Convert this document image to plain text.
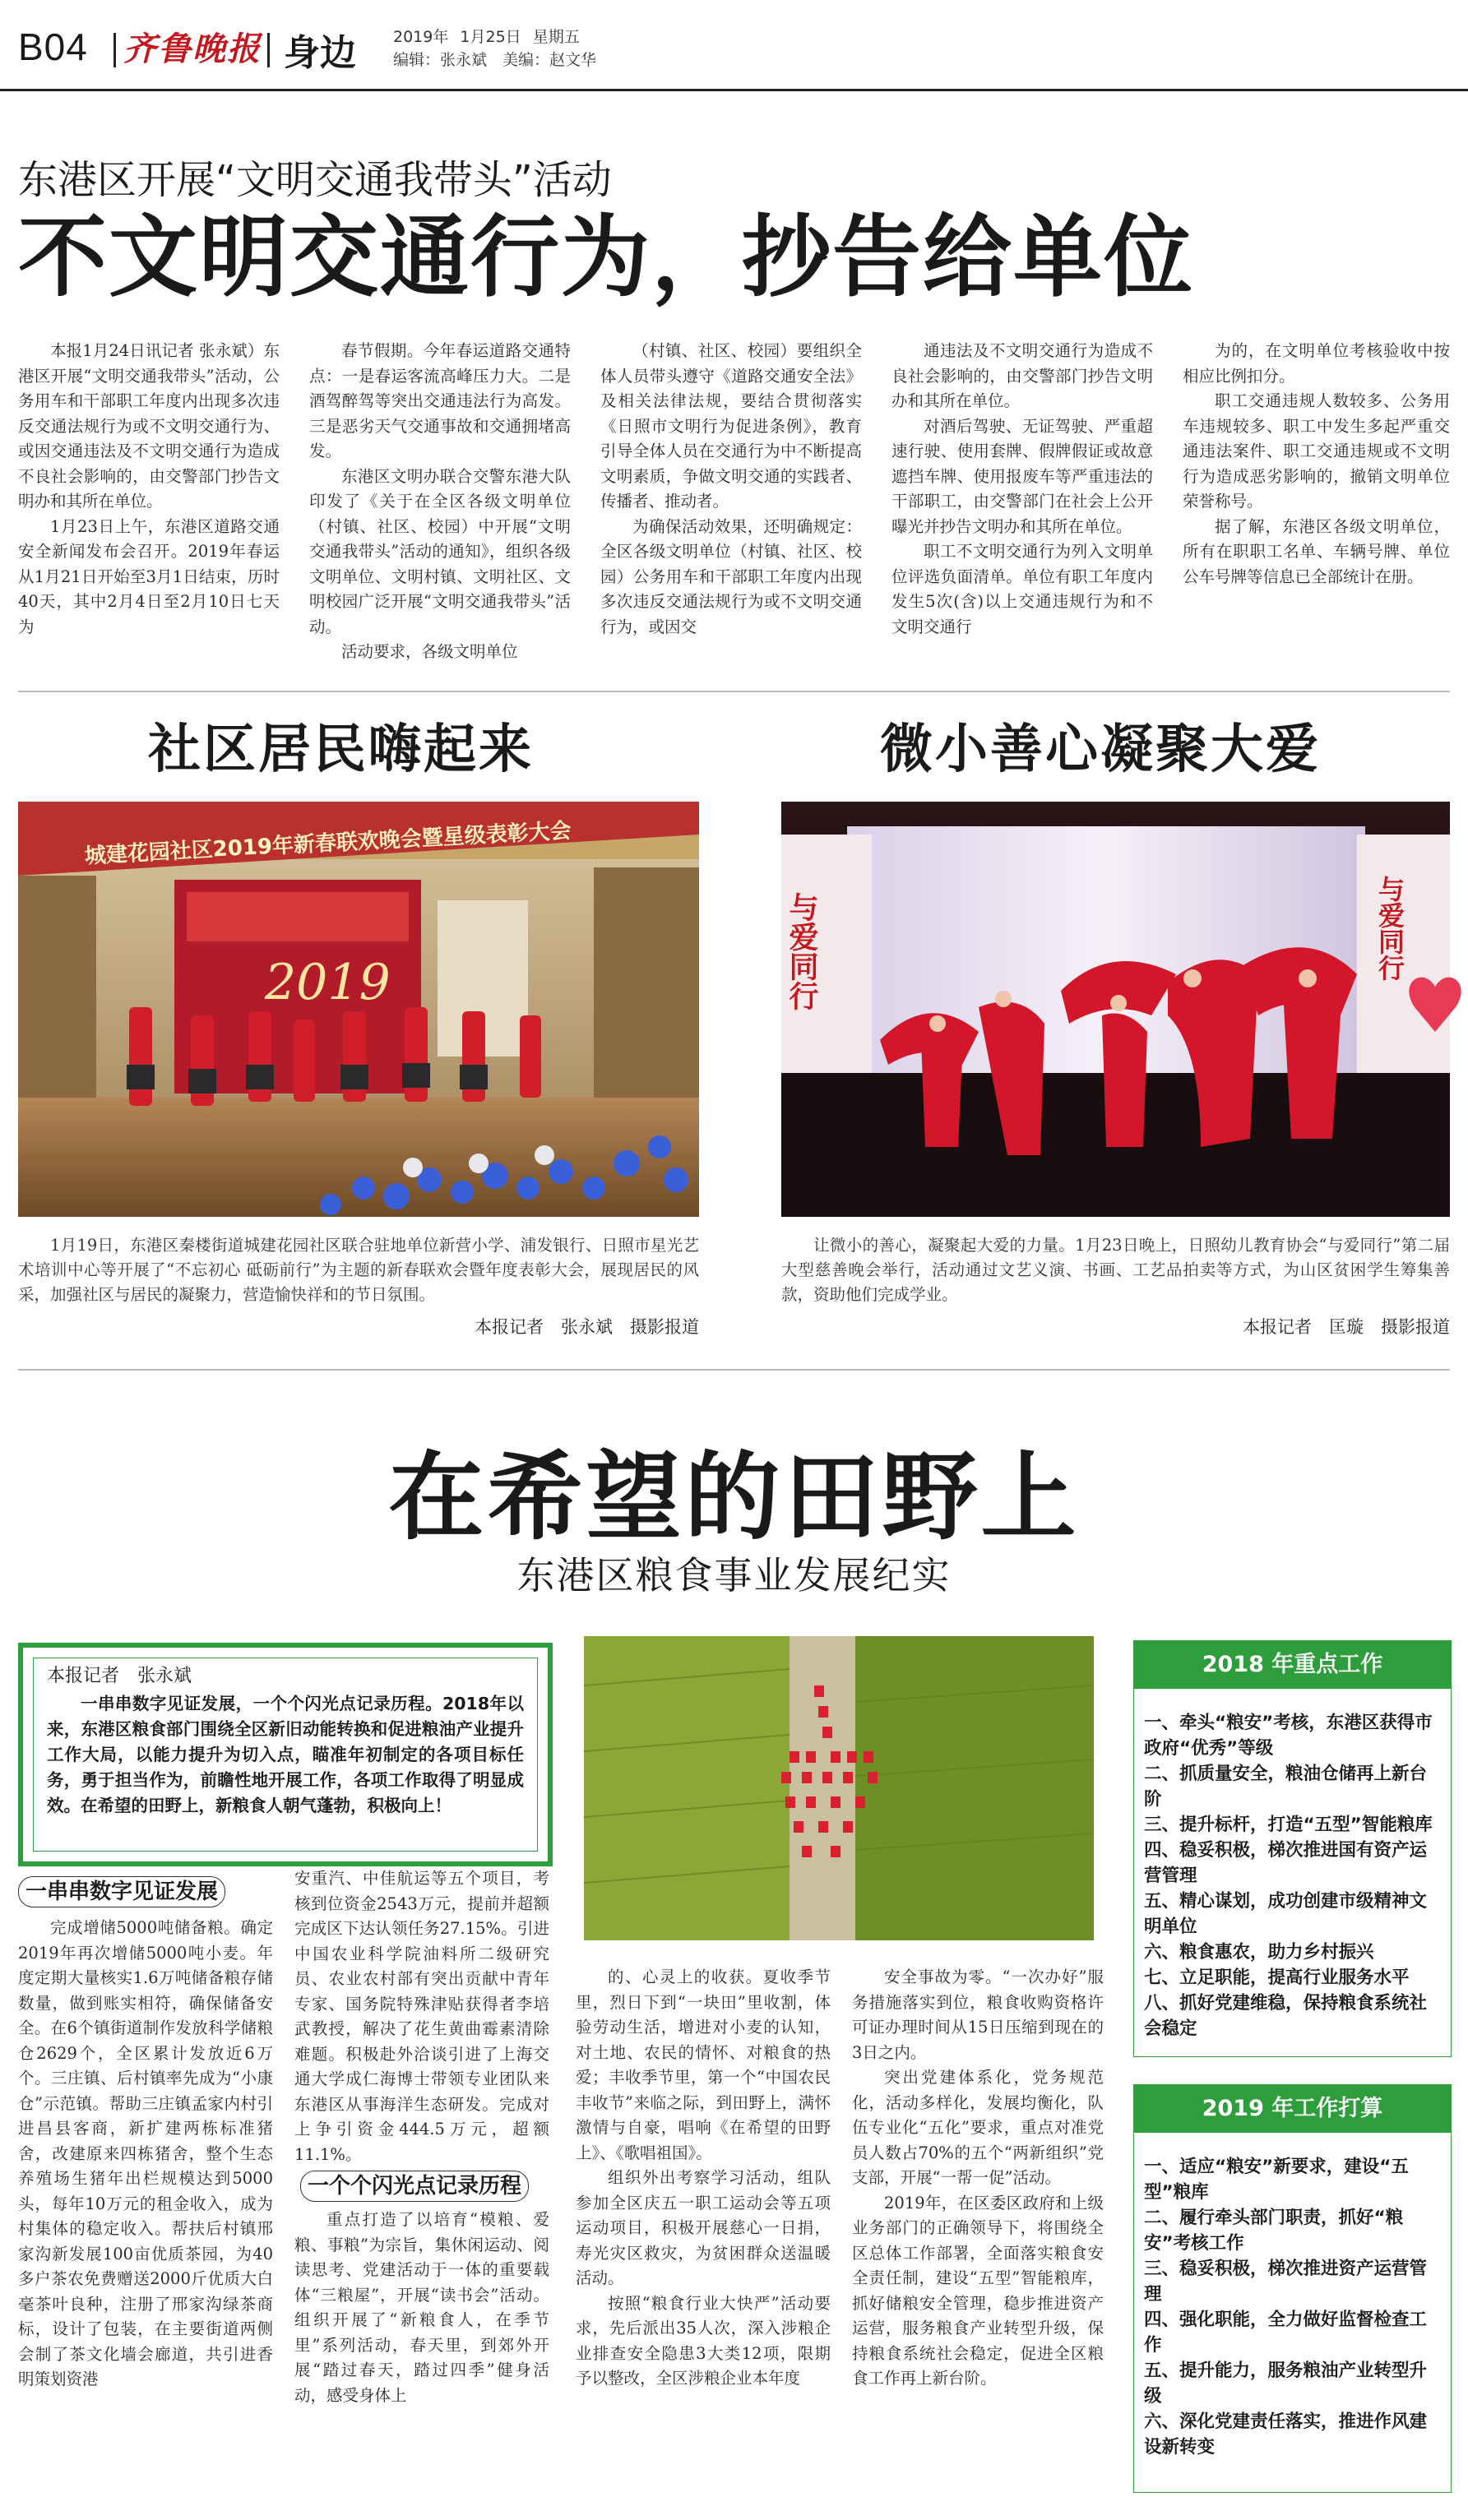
B04 齐鲁晚报 身边 2019年 1月25日 星期五
编辑：张永斌　 美编：赵文华
东港区开展“文明交通我带头”活动
不文明交通行为，抄告给单位

本报1月24日讯记者 张永斌）东港区开展“文明交通我带头”活动，公务用车和干部职工年度内出现多次违反交通法规行为或不文明交通行为、或因交通违法及不文明交通行为造成不良社会影响的，由交警部门抄告文明办和其所在单位。

1月23日上午，东港区道路交通安全新闻发布会召开。2019年春运从1月21日开始至3月1日结束，历时40天，其中2月4日至2月10日七天为

春节假期。今年春运道路交通特点：一是春运客流高峰压力大。二是酒驾醉驾等突出交通违法行为高发。三是恶劣天气交通事故和交通拥堵高发。

东港区文明办联合交警东港大队印发了《关于在全区各级文明单位（村镇、社区、校园）中开展“文明交通我带头”活动的通知》，组织各级文明单位、文明村镇、文明社区、文明校园广泛开展“文明交通我带头”活动。

活动要求，各级文明单位

（村镇、社区、校园）要组织全体人员带头遵守《道路交通安全法》及相关法律法规，要结合贯彻落实《日照市文明行为促进条例》，教育引导全体人员在交通行为中不断提高文明素质，争做文明交通的实践者、传播者、推动者。

为确保活动效果，还明确规定：全区各级文明单位（村镇、社区、校园）公务用车和干部职工年度内出现多次违反交通法规行为或不文明交通行为，或因交

通违法及不文明交通行为造成不良社会影响的，由交警部门抄告文明办和其所在单位。

对酒后驾驶、无证驾驶、严重超速行驶、使用套牌、假牌假证或故意遮挡车牌、使用报废车等严重违法的干部职工，由交警部门在社会上公开曝光并抄告文明办和其所在单位。

职工不文明交通行为列入文明单位评选负面清单。单位有职工年度内发生5次(含)以上交通违规行为和不文明交通行

为的，在文明单位考核验收中按相应比例扣分。

职工交通违规人数较多、公务用车违规较多、职工中发生多起严重交通违法案件、职工交通违规或不文明行为造成恶劣影响的，撤销文明单位荣誉称号。

据了解，东港区各级文明单位，所有在职职工名单、车辆号牌、单位公车号牌等信息已全部统计在册。

社区居民嗨起来
城建花园社区2019年新春联欢晚会暨星级表彰大会
2019
1月19日，东港区秦楼街道城建花园社区联合驻地单位新营小学、浦发银行、日照市星光艺术培训中心等开展了“不忘初心 砥砺前行”为主题的新春联欢会暨年度表彰大会，展现居民的风采，加强社区与居民的凝聚力，营造愉快祥和的节日氛围。
本报记者　张永斌　摄影报道
微小善心凝聚大爱
与爱同行	与爱同行
让微小的善心，凝聚起大爱的力量。1月23日晚上，日照幼儿教育协会“与爱同行”第二届大型慈善晚会举行，活动通过文艺义演、书画、工艺品拍卖等方式，为山区贫困学生筹集善款，资助他们完成学业。
本报记者　匡璇　摄影报道
在希望的田野上
东港区粮食事业发展纪实
本报记者　张永斌
一串串数字见证发展，一个个闪光点记录历程。2018年以来，东港区粮食部门围绕全区新旧动能转换和促进粮油产业提升工作大局，以能力提升为切入点，瞄准年初制定的各项目标任务，勇于担当作为，前瞻性地开展工作，各项工作取得了明显成效。在希望的田野上，新粮食人朝气蓬勃，积极向上！
一串串数字见证发展
完成增储5000吨储备粮。确定2019年再次增储5000吨小麦。年度定期大量核实1.6万吨储备粮存储数量，做到账实相符，确保储备安全。在6个镇街道制作发放科学储粮仓2629个，全区累计发放近6万个。三庄镇、后村镇率先成为“小康仓”示范镇。帮助三庄镇孟家内村引进昌县客商，新扩建两栋标准猪舍，改建原来四栋猪舍，整个生态养殖场生猪年出栏规模达到5000头，每年10万元的租金收入，成为村集体的稳定收入。帮扶后村镇邢家沟新发展100亩优质茶园，为40多户茶农免费赠送2000斤优质大白毫茶叶良种，注册了邢家沟绿茶商标，设计了包装，在主要街道两侧会制了茶文化墙会廊道，共引进香明策划资港
安重汽、中佳航运等五个项目，考核到位资金2543万元，提前并超额完成区下达认领任务27.15%。引进中国农业科学院油料所二级研究员、农业农村部有突出贡献中青年专家、国务院特殊津贴获得者李培武教授，解决了花生黄曲霉素清除难题。积极赴外洽谈引进了上海交通大学成仁海博士带领专业团队来东港区从事海洋生态研发。完成对上争引资金444.5万元，超额11.1%。
一个个闪光点记录历程
重点打造了以培育“模粮、爱粮、事粮”为宗旨，集休闲运动、阅读思考、党建活动于一体的重要载体“三粮屋”，开展“读书会”活动。组织开展了“新粮食人，在季节里”系列活动，春天里，到郊外开展“踏过春天，踏过四季”健身活动，感受身体上

的、心灵上的收获。夏收季节里，烈日下到“一块田”里收割，体验劳动生活，增进对小麦的认知，对土地、农民的情怀、对粮食的热爱；丰收季节里，第一个“中国农民丰收节”来临之际，到田野上，满怀激情与自豪，唱响《在希望的田野上》、《歌唱祖国》。

组织外出考察学习活动，组队参加全区庆五一职工运动会等五项运动项目，积极开展慈心一日捐，寿光灾区救灾，为贫困群众送温暖活动。

按照“粮食行业大快严”活动要求，先后派出35人次，深入涉粮企业排查安全隐患3大类12项，限期予以整改，全区涉粮企业本年度

安全事故为零。“一次办好”服务措施落实到位，粮食收购资格许可证办理时间从15日压缩到现在的3日之内。

突出党建体系化，党务规范化，活动多样化，发展均衡化，队伍专业化“五化”要求，重点对准党员人数占70%的五个“两新组织”党支部，开展“一帮一促”活动。

2019年，在区委区政府和上级业务部门的正确领导下，将围绕全区总体工作部署，全面落实粮食安全责任制，建设“五型”智能粮库，抓好储粮安全管理，稳步推进资产运营，服务粮食产业转型升级，保持粮食系统社会稳定，促进全区粮食工作再上新台阶。

2018 年重点工作
一、牵头“粮安”考核，东港区获得市政府“优秀”等级
二、抓质量安全，粮油仓储再上新台阶
三、提升标杆，打造“五型”智能粮库
四、稳妥积极，梯次推进国有资产运营管理
五、精心谋划，成功创建市级精神文明单位
六、粮食惠农，助力乡村振兴
七、立足职能，提高行业服务水平
八、抓好党建维稳，保持粮食系统社会稳定
2019 年工作打算
一、适应“粮安”新要求，建设“五型”粮库
二、履行牵头部门职责，抓好“粮安”考核工作
三、稳妥积极，梯次推进资产运营管理
四、强化职能，全力做好监督检查工作
五、提升能力，服务粮油产业转型升级
六、深化党建责任落实，推进作风建设新转变
